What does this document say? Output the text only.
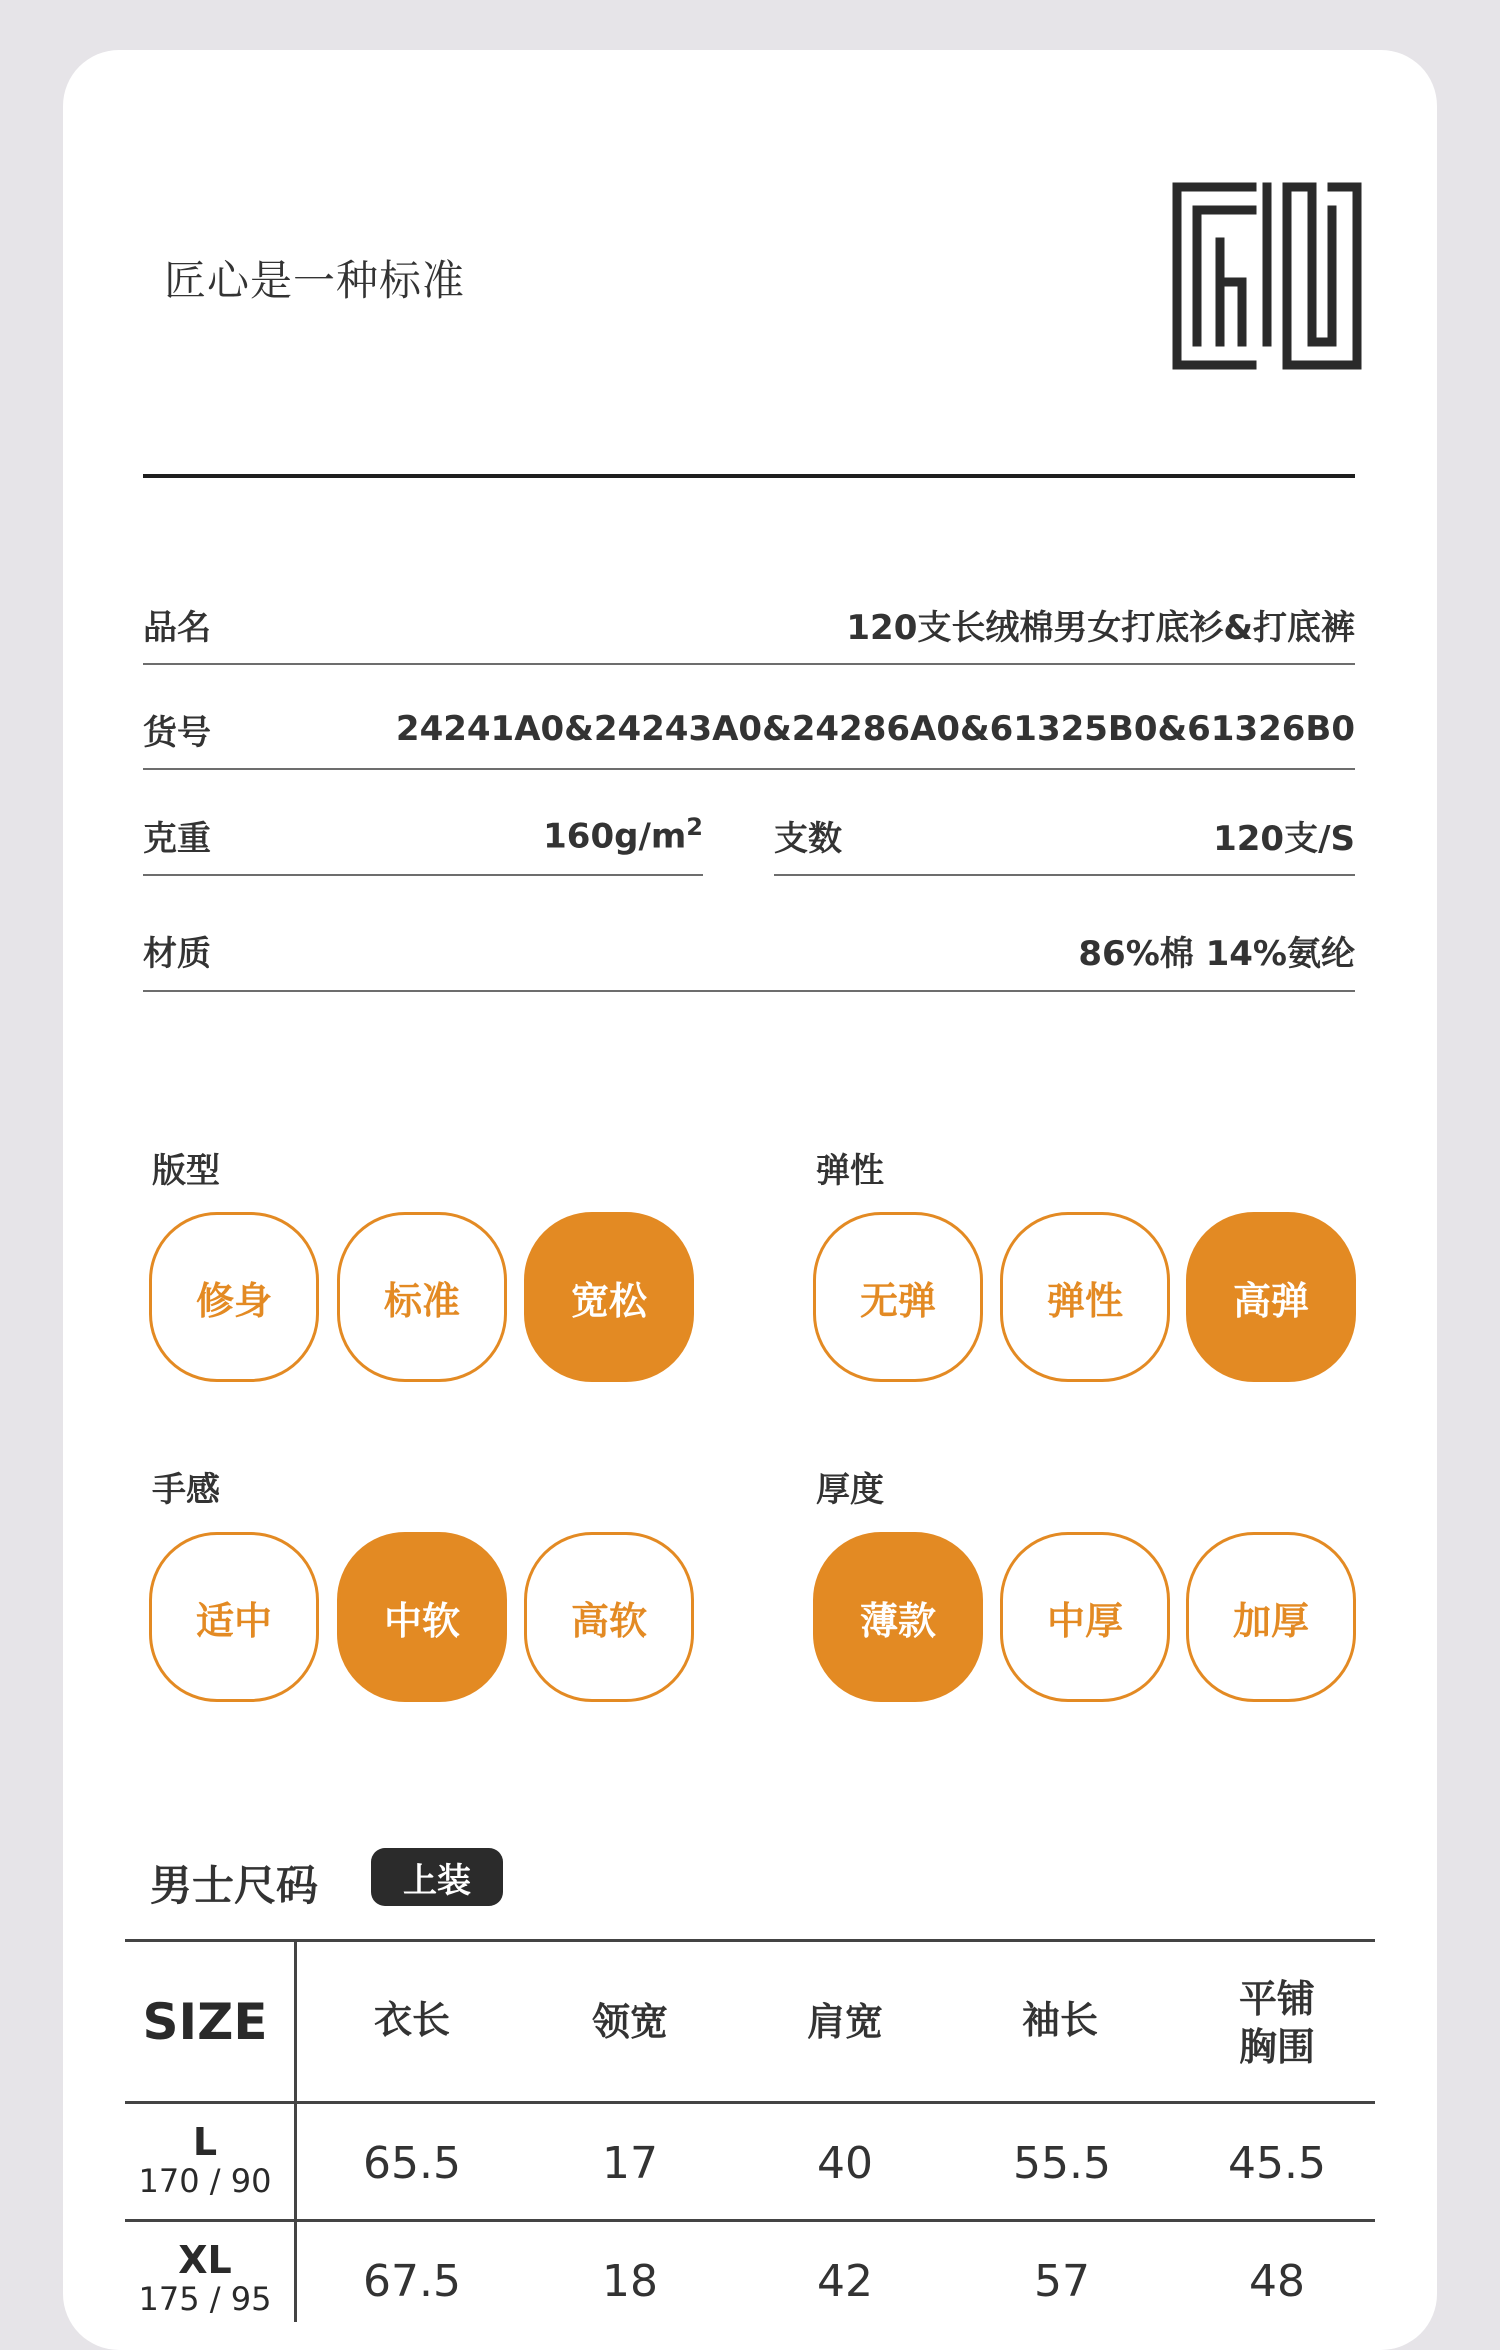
匠心是一种标准
品名	120支长绒棉男女打底衫&打底裤
货号	24241A0&24243A0&24286A0&61325B0&61326B0
克重	$160g/m^2$ 支数	120支/S
材质	86%棉 14%氨纶
版型
修身	标准	宽松
弹性
无弹	弹性	高弹
手感
适中	中软	高软
厚度
薄款	中厚	加厚
男士尺码	上装
SIZE	衣长	领宽	肩宽	袖长	平铺
胸围
L
170 / 90	65.5	17	40	55.5	45.5
XL
175 / 95	67.5	18	42	57	48
